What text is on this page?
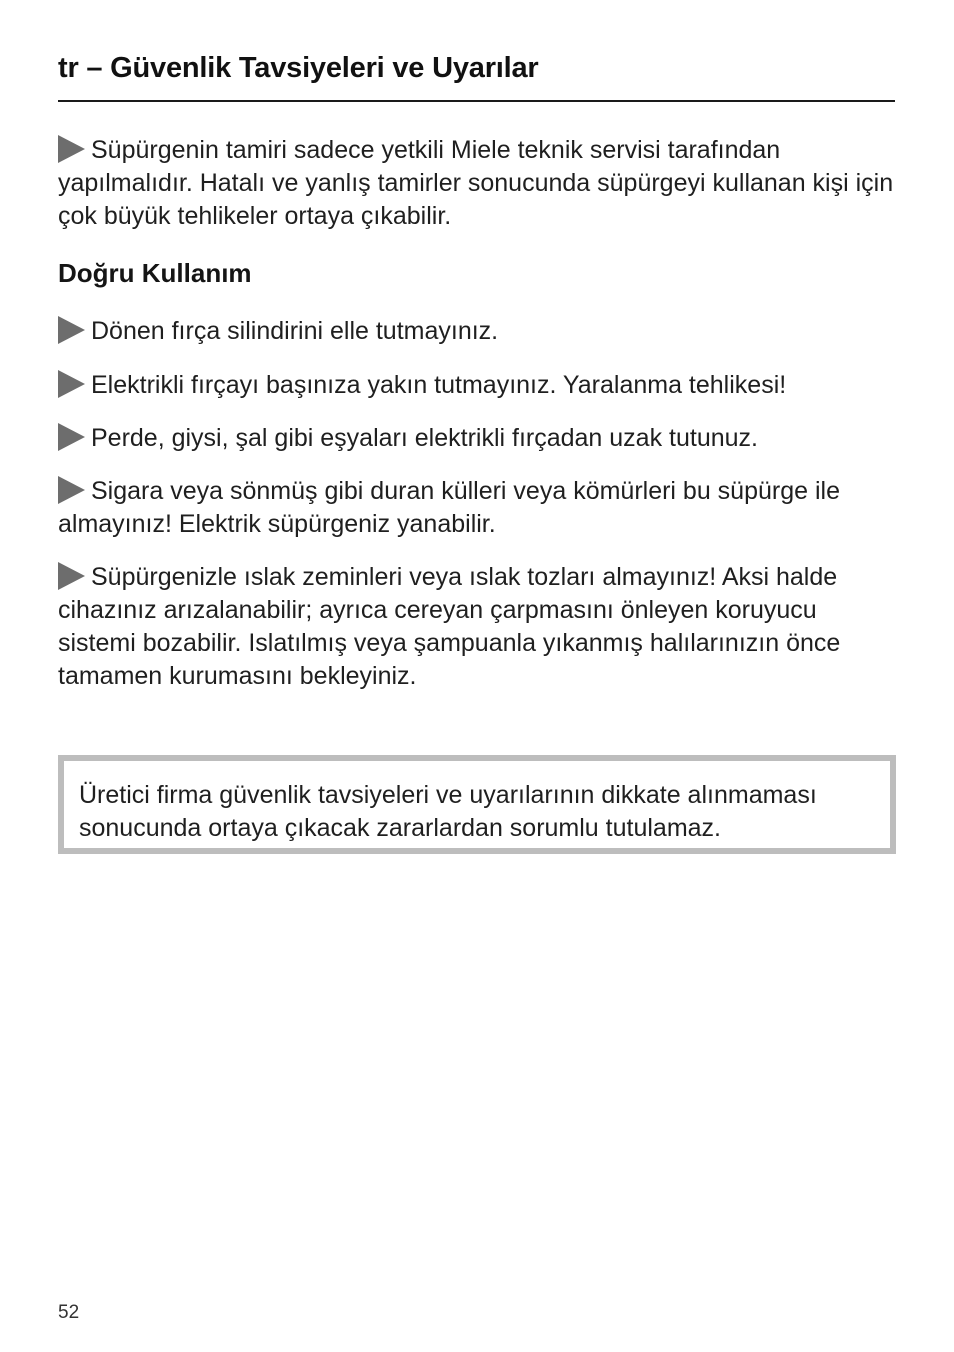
tr – Güvenlik Tavsiyeleri ve Uyarılar

Süpürgenin tamiri sadece yetkili Miele teknik servisi tarafından yapılmalıdır. Hatalı ve yanlış tamirler sonucunda süpürgeyi kullanan kişi için çok büyük tehlikeler ortaya çıkabilir.

Doğru Kullanım

Dönen fırça silindirini elle tutmayınız.

Elektrikli fırçayı başınıza yakın tutmayınız. Yaralanma tehlikesi!

Perde, giysi, şal gibi eşyaları elektrikli fırçadan uzak tutunuz.

Sigara veya sönmüş gibi duran külleri veya kömürleri bu süpürge ile almayınız! Elektrik süpürgeniz yanabilir.

Süpürgenizle ıslak zeminleri veya ıslak tozları almayınız! Aksi halde cihazınız arızalanabilir; ayrıca cereyan çarpmasını önleyen koruyucu sistemi bozabilir. Islatılmış veya şampuanla yıkanmış halılarınızın önce tamamen kurumasını bekleyiniz.

Üretici firma güvenlik tavsiyeleri ve uyarılarının dikkate alınmaması sonucunda ortaya çıkacak zararlardan sorumlu tutulamaz.

52
